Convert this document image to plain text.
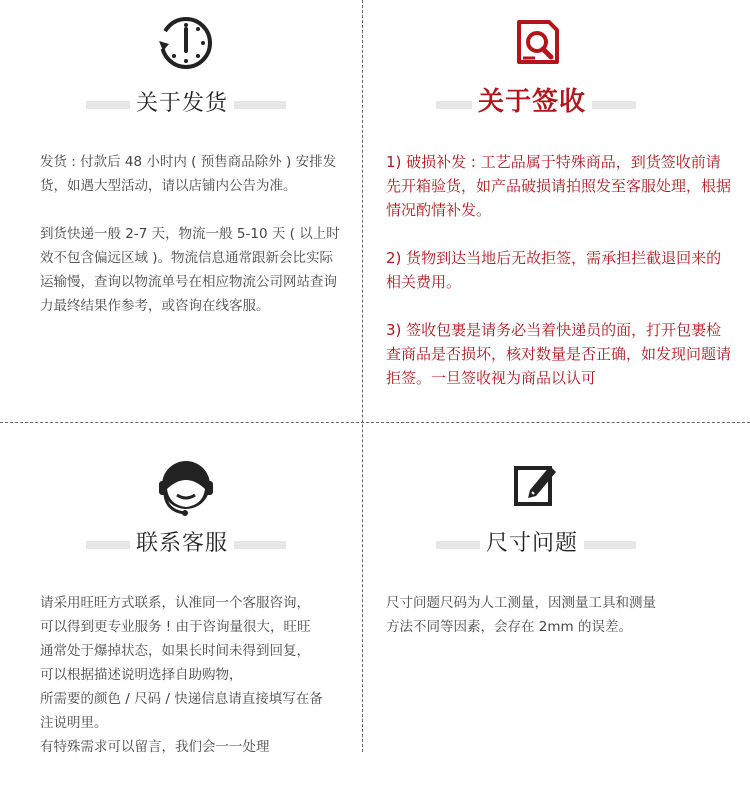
关于发货

发货 : 付款后 48 小时内 ( 预售商品除外 ) 安排发货，如遇大型活动，请以店铺内公告为准。

到货快递一般 2-7 天，物流一般 5-10 天 ( 以上时效不包含偏远区域 )。物流信息通常跟新会比实际运输慢，查询以物流单号在相应物流公司网站查询力最终结果作参考，或咨询在线客服。

关于签收

1) 破损补发 : 工艺品属于特殊商品，到货签收前请先开箱验货，如产品破损请拍照发至客服处理，根据情况酌情补发。

2) 货物到达当地后无故拒签，需承担拦截退回来的相关费用。

3) 签收包裹是请务必当着快递员的面，打开包裹检查商品是否损坏，核对数量是否正确，如发现问题请拒签。一旦签收视为商品以认可

联系客服

请采用旺旺方式联系，认准同一个客服咨询，

可以得到更专业服务 ! 由于咨询量很大，旺旺

通常处于爆掉状态，如果长时间未得到回复，

可以根据描述说明选择自助购物，

所需要的颜色 / 尺码 / 快递信息请直接填写在备

注说明里。

有特殊需求可以留言，我们会一一处理

尺寸问题

尺寸问题尺码为人工测量，因测量工具和测量

方法不同等因素，会存在 2mm 的误差。
